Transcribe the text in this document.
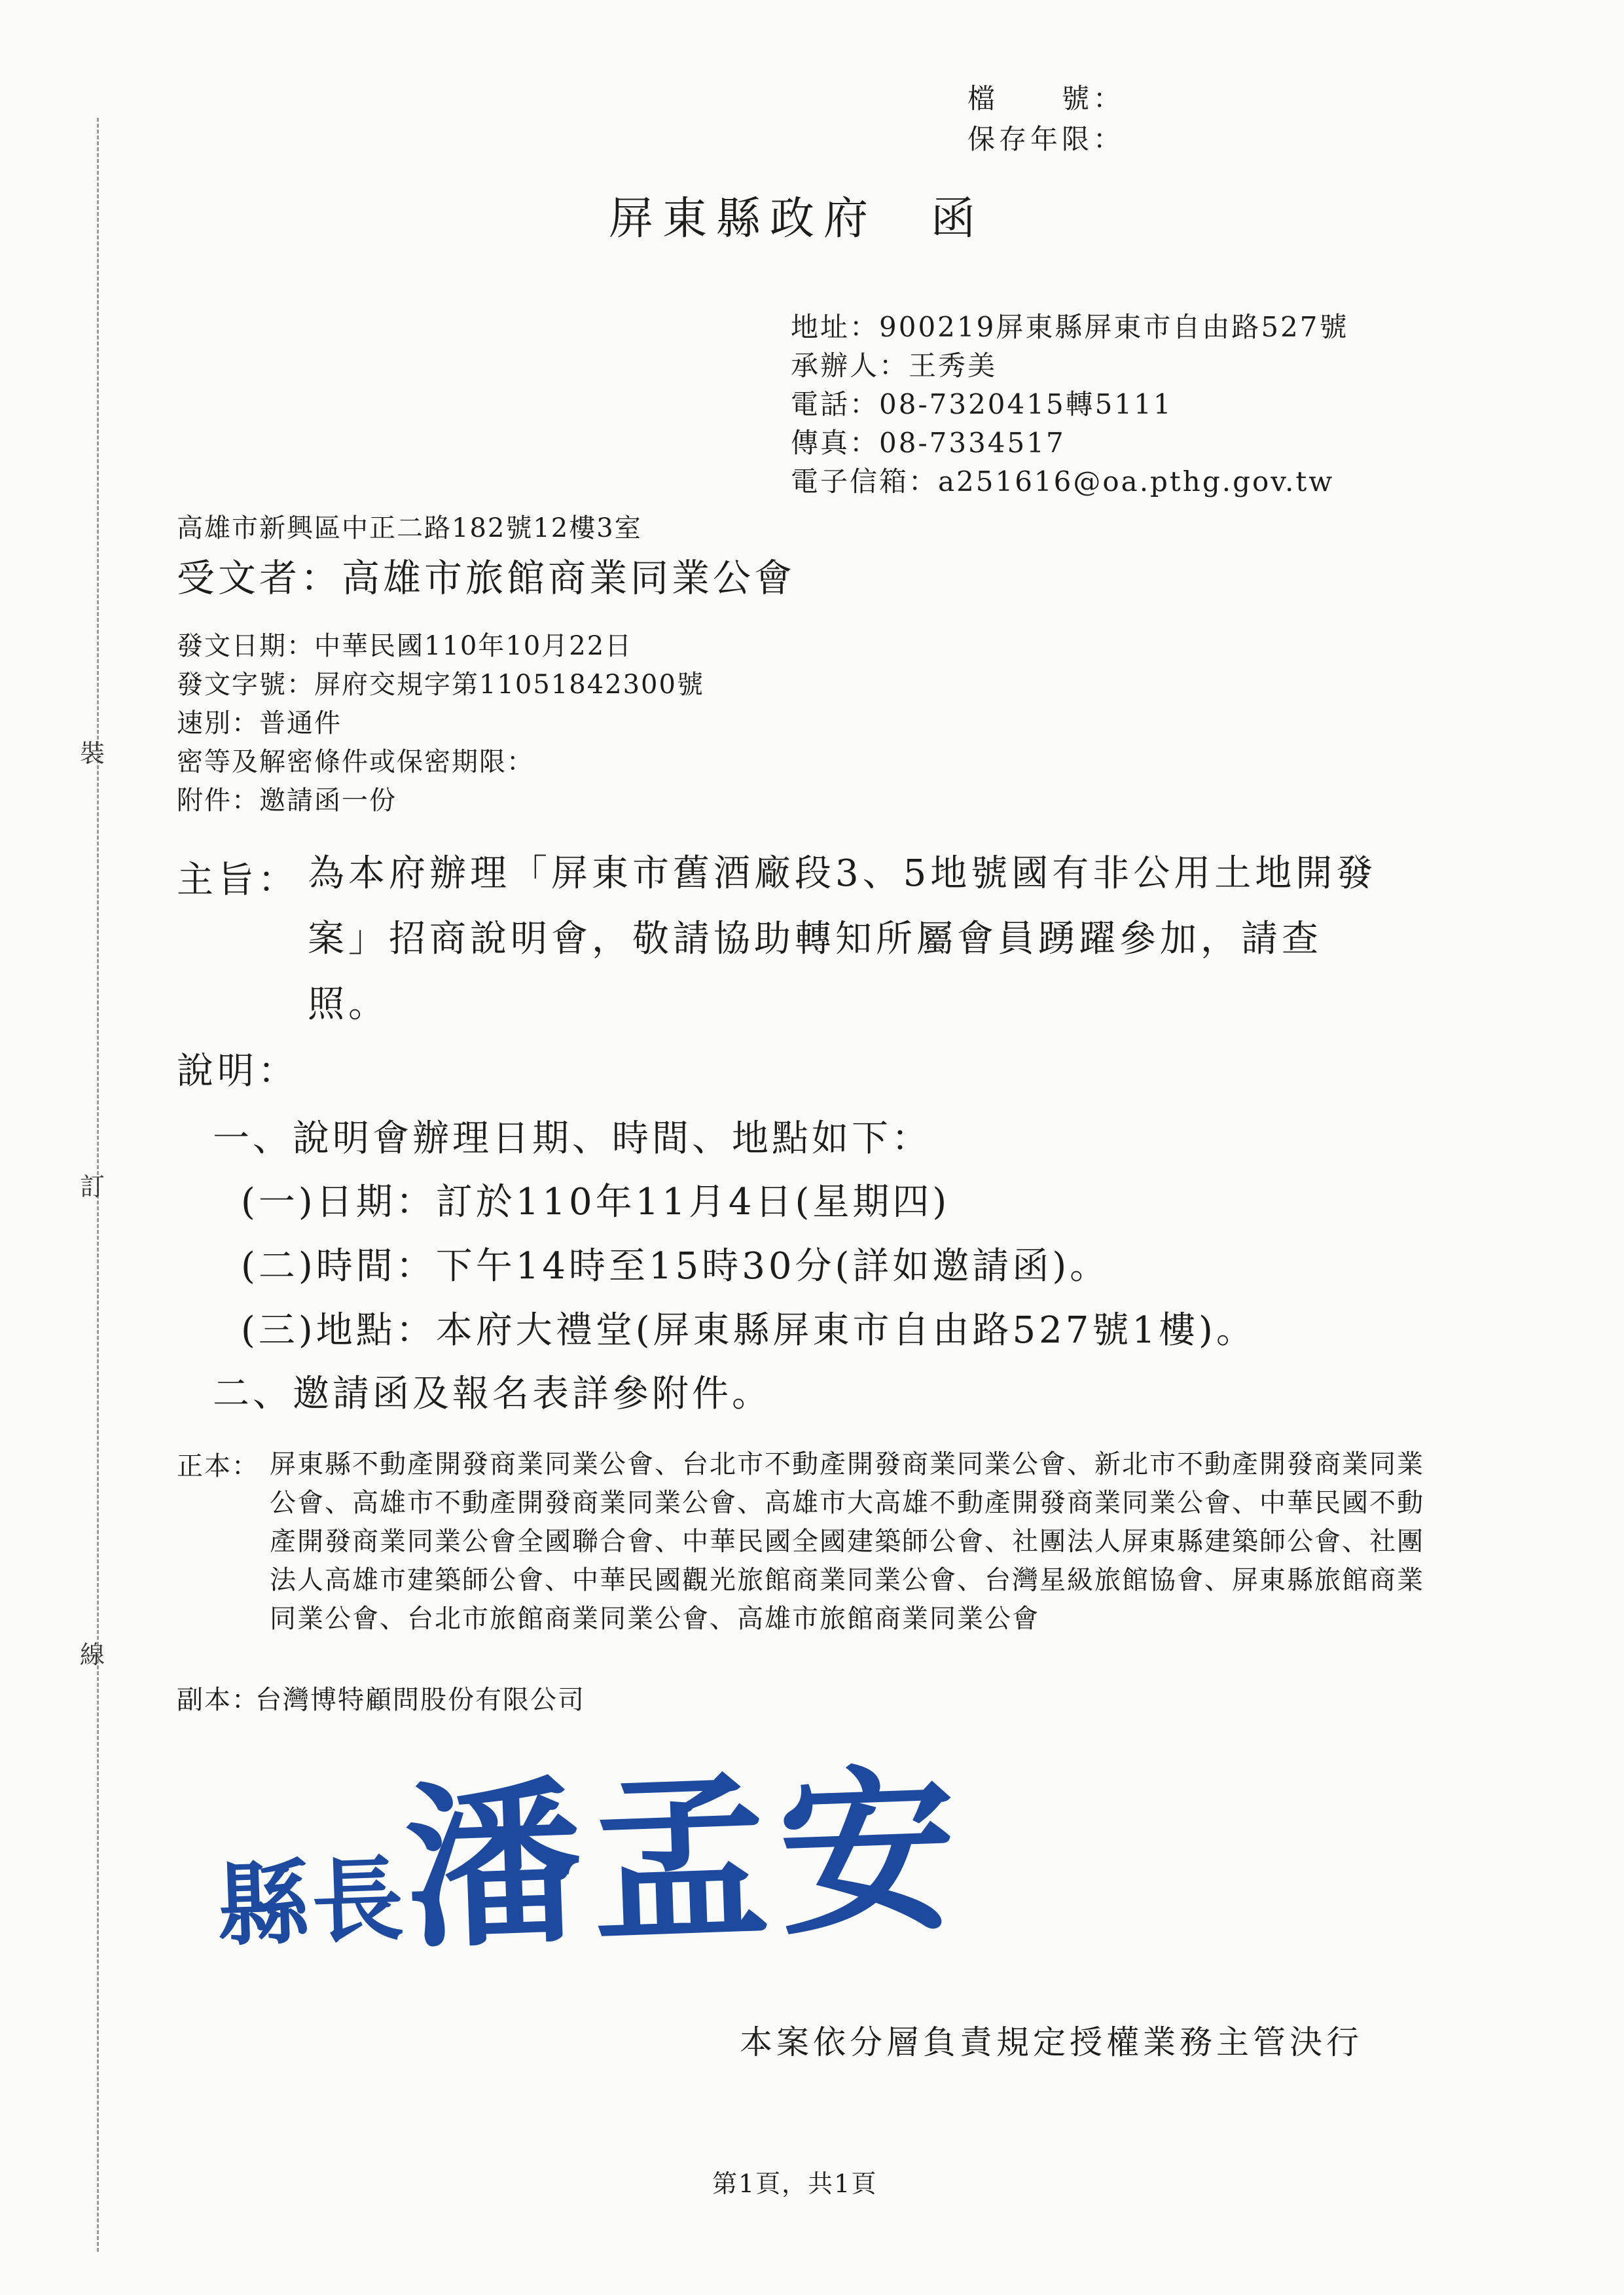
裝
訂
線
檔　　號：
保存年限：
屏東縣政府　函
地址：900219屏東縣屏東市自由路527號
承辦人：王秀美
電話：08-7320415轉5111
傳真：08-7334517
電子信箱：a251616@oa.pthg.gov.tw
高雄市新興區中正二路182號12樓3室
受文者：高雄市旅館商業同業公會
發文日期：中華民國110年10月22日
發文字號：屏府交規字第11051842300號
速別：普通件
密等及解密條件或保密期限：
附件：邀請函一份
主旨： 為本府辦理「屏東市舊酒廠段3、5地號國有非公用土地開發案」招商說明會，敬請協助轉知所屬會員踴躍參加，請查照。
說明：
一、說明會辦理日期、時間、地點如下：
(一)日期：訂於110年11月4日(星期四)
(二)時間：下午14時至15時30分(詳如邀請函)。
(三)地點：本府大禮堂(屏東縣屏東市自由路527號1樓)。
二、邀請函及報名表詳參附件。
正本： 屏東縣不動產開發商業同業公會、台北市不動產開發商業同業公會、新北市不動產開發商業同業公會、高雄市不動產開發商業同業公會、高雄市大高雄不動產開發商業同業公會、中華民國不動產開發商業同業公會全國聯合會、中華民國全國建築師公會、社團法人屏東縣建築師公會、社團法人高雄市建築師公會、中華民國觀光旅館商業同業公會、台灣星級旅館協會、屏東縣旅館商業同業公會、台北市旅館商業同業公會、高雄市旅館商業同業公會
副本：
台灣博特顧問股份有限公司
縣長潘孟安
本案依分層負責規定授權業務主管決行
第1頁，共1頁
